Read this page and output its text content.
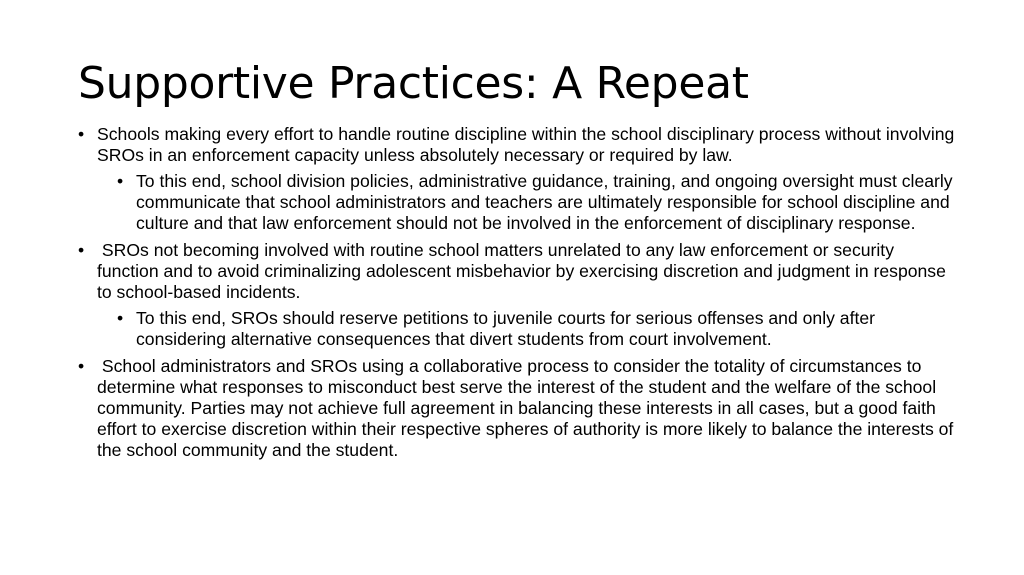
Supportive Practices: A Repeat
• Schools making every effort to handle routine discipline within the school disciplinary process without involving SROs in an enforcement capacity unless absolutely necessary or required by law.
• To this end, school division policies, administrative guidance, training, and ongoing oversight must clearly communicate that school administrators and teachers are ultimately responsible for school discipline and culture and that law enforcement should not be involved in the enforcement of disciplinary response.
• SROs not becoming involved with routine school matters unrelated to any law enforcement or security function and to avoid criminalizing adolescent misbehavior by exercising discretion and judgment in response to school-based incidents.
• To this end, SROs should reserve petitions to juvenile courts for serious offenses and only after considering alternative consequences that divert students from court involvement.
• School administrators and SROs using a collaborative process to consider the totality of circumstances to determine what responses to misconduct best serve the interest of the student and the welfare of the school community. Parties may not achieve full agreement in balancing these interests in all cases, but a good faith effort to exercise discretion within their respective spheres of authority is more likely to balance the interests of the school community and the student.
